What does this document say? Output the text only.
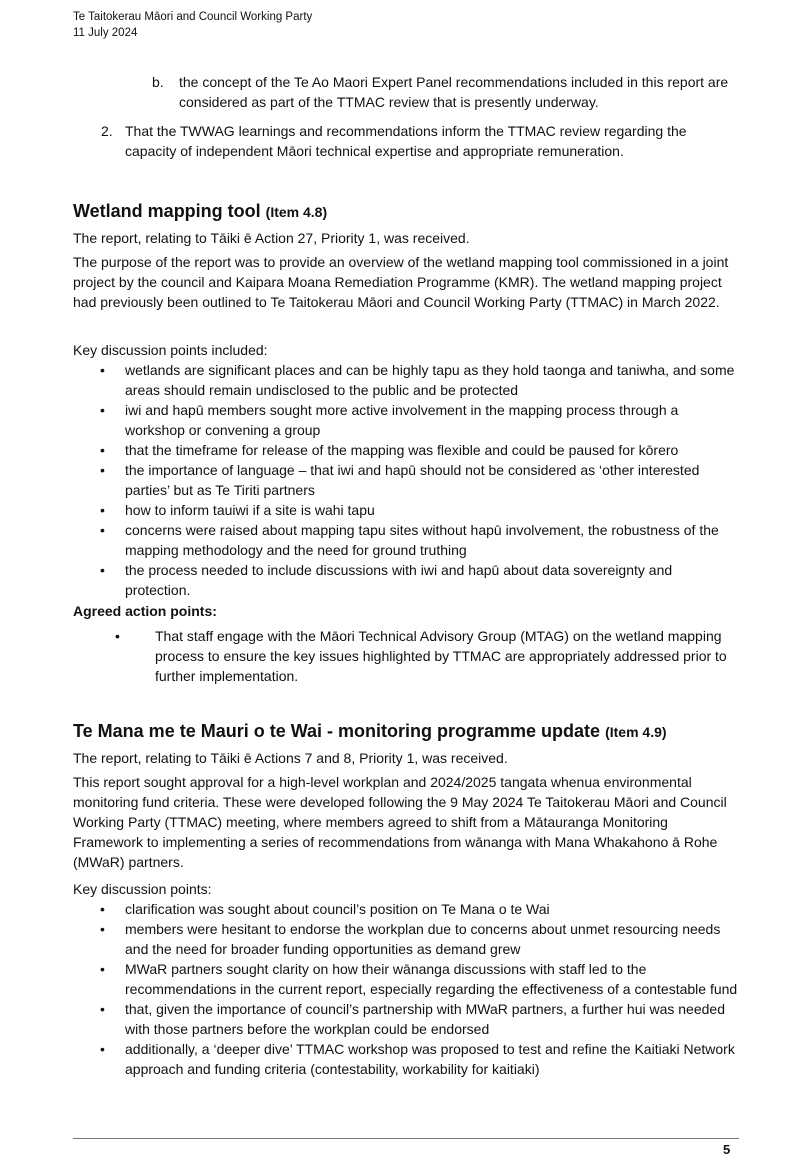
Te Taitokerau Māori and Council Working Party
11 July 2024
b.	the concept of the Te Ao Maori Expert Panel recommendations included in this report are considered as part of the TTMAC review that is presently underway.
2. That the TWWAG learnings and recommendations inform the TTMAC review regarding the capacity of independent Māori technical expertise and appropriate remuneration.
Wetland mapping tool (Item 4.8)

The report, relating to Tāiki ē Action 27, Priority 1, was received.

The purpose of the report was to provide an overview of the wetland mapping tool commissioned in a joint project by the council and Kaipara Moana Remediation Programme (KMR). The wetland mapping project had previously been outlined to Te Taitokerau Māori and Council Working Party (TTMAC) in March 2022.

Key discussion points included:

• wetlands are significant places and can be highly tapu as they hold taonga and taniwha, and some areas should remain undisclosed to the public and be protected
• iwi and hapū members sought more active involvement in the mapping process through a workshop or convening a group
• that the timeframe for release of the mapping was flexible and could be paused for kōrero
• the importance of language – that iwi and hapū should not be considered as ‘other interested parties’ but as Te Tiriti partners
• how to inform tauiwi if a site is wahi tapu
• concerns were raised about mapping tapu sites without hapū involvement, the robustness of the mapping methodology and the need for ground truthing
• the process needed to include discussions with iwi and hapū about data sovereignty and protection.

Agreed action points:

•	That staff engage with the Māori Technical Advisory Group (MTAG) on the wetland mapping process to ensure the key issues highlighted by TTMAC are appropriately addressed prior to further implementation.
Te Mana me te Mauri o te Wai - monitoring programme update (Item 4.9)

The report, relating to Tāiki ē Actions 7 and 8, Priority 1, was received.

This report sought approval for a high-level workplan and 2024/2025 tangata whenua environmental monitoring fund criteria. These were developed following the 9 May 2024 Te Taitokerau Māori and Council Working Party (TTMAC) meeting, where members agreed to shift from a Mātauranga Monitoring Framework to implementing a series of recommendations from wānanga with Mana Whakahono ā Rohe (MWaR) partners.

Key discussion points:

• clarification was sought about council’s position on Te Mana o te Wai
• members were hesitant to endorse the workplan due to concerns about unmet resourcing needs and the need for broader funding opportunities as demand grew
• MWaR partners sought clarity on how their wānanga discussions with staff led to the recommendations in the current report, especially regarding the effectiveness of a contestable fund
• that, given the importance of council’s partnership with MWaR partners, a further hui was needed with those partners before the workplan could be endorsed
• additionally, a ‘deeper dive’ TTMAC workshop was proposed to test and refine the Kaitiaki Network approach and funding criteria (contestability, workability for kaitiaki)
5
